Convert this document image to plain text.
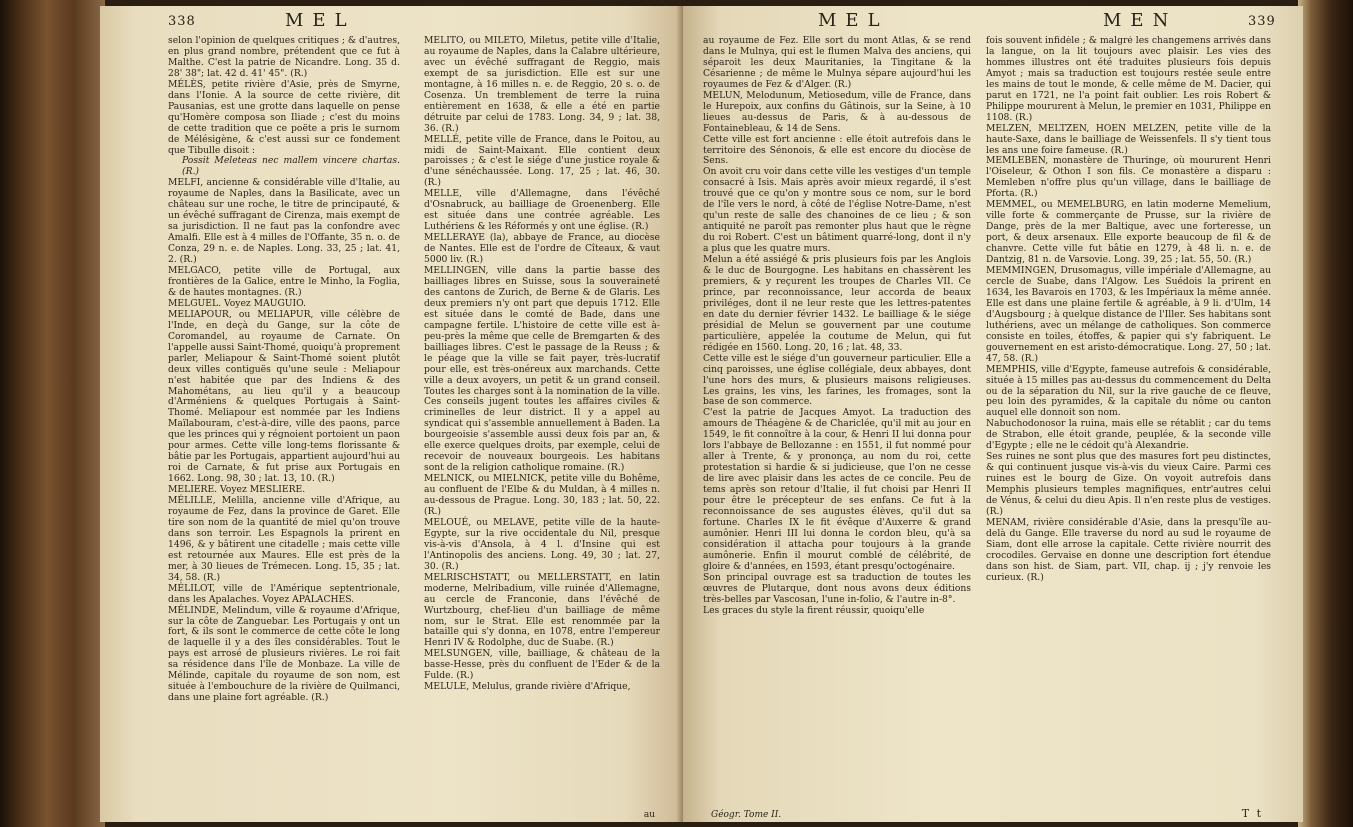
338	MEL

selon l'opinion de quelques critiques ; & d'autres, en plus grand nombre, prétendent que ce fut à Malthe. C'est la patrie de Nicandre. Long. 35 d. 28' 38"; lat. 42 d. 41' 45". (R.)

MÉLÈS, petite rivière d'Asie, près de Smyrne, dans l'Ionie. A la source de cette rivière, dit Pausanias, est une grotte dans laquelle on pense qu'Homère composa son Iliade ; c'est du moins de cette tradition que ce poëte a pris le surnom de Mélésigène, & c'est aussi sur ce fondement que Tibulle disoit :

Possit Meleteas nec mallem vincere chartas. (R.)

MELFI, ancienne & considérable ville d'Italie, au royaume de Naples, dans la Basilicate, avec un château sur une roche, le titre de principauté, & un évêché suffragant de Cirenza, mais exempt de sa jurisdiction. Il ne faut pas la confondre avec Amalfi. Elle est à 4 milles de l'Offante, 35 n. o. de Conza, 29 n. e. de Naples. Long. 33, 25 ; lat. 41, 2. (R.)

MELGACO, petite ville de Portugal, aux frontières de la Galice, entre le Minho, la Foglia, & de hautes montagnes. (R.)

MELGUEL. Voyez MAUGUIO.

MELIAPOUR, ou MELIAPUR, ville célèbre de l'Inde, en deçà du Gange, sur la côte de Coromandel, au royaume de Carnate. On l'appelle aussi Saint-Thomé, quoiqu'à proprement parler, Meliapour & Saint-Thomé soient plutôt deux villes contiguës qu'une seule : Meliapour n'est habitée que par des Indiens & des Mahométans, au lieu qu'il y a beaucoup d'Arméniens & quelques Portugais à Saint-Thomé. Meliapour est nommée par les Indiens Maïlabouram, c'est-à-dire, ville des paons, parce que les princes qui y régnoient portoient un paon pour armes. Cette ville long-tems florissante & bâtie par les Portugais, appartient aujourd'hui au roi de Carnate, & fut prise aux Portugais en 1662. Long. 98, 30 ; lat. 13, 10. (R.)

MELIERE. Voyez MESLIERE.

MÉLILLE, Melilla, ancienne ville d'Afrique, au royaume de Fez, dans la province de Garet. Elle tire son nom de la quantité de miel qu'on trouve dans son terroir. Les Espagnols la prirent en 1496, & y bâtirent une citadelle ; mais cette ville est retournée aux Maures. Elle est près de la mer, à 30 lieues de Trémecen. Long. 15, 35 ; lat. 34, 58. (R.)

MÉLILOT, ville de l'Amérique septentrionale, dans les Apalaches. Voyez APALACHES.

MÉLINDE, Melindum, ville & royaume d'Afrique, sur la côte de Zanguebar. Les Portugais y ont un fort, & ils sont le commerce de cette côte le long de laquelle il y a des îles considérables. Tout le pays est arrosé de plusieurs rivières. Le roi fait sa résidence dans l'île de Monbaze. La ville de Mélinde, capitale du royaume de son nom, est située à l'embouchure de la rivière de Quilmanci, dans une plaine fort agréable. (R.)

MÉLITO, ou MILETO, Miletus, petite ville d'Italie, au royaume de Naples, dans la Calabre ultérieure, avec un évêché suffragant de Reggio, mais exempt de sa jurisdiction. Elle est sur une montagne, à 16 milles n. e. de Reggio, 20 s. o. de Cosenza. Un tremblement de terre la ruina entièrement en 1638, & elle a été en partie détruite par celui de 1783. Long. 34, 9 ; lat. 38, 36. (R.)

MELLÉ, petite ville de France, dans le Poitou, au midi de Saint-Maixant. Elle contient deux paroisses ; & c'est le siége d'une justice royale & d'une sénéchaussée. Long. 17, 25 ; lat. 46, 30. (R.)

MELLE, ville d'Allemagne, dans l'évêché d'Osnabruck, au bailliage de Groenenberg. Elle est située dans une contrée agréable. Les Luthériens & les Réformés y ont une église. (R.)

MELLERAYE (la), abbaye de France, au diocèse de Nantes. Elle est de l'ordre de Cîteaux, & vaut 5000 liv. (R.)

MELLINGEN, ville dans la partie basse des bailliages libres en Suisse, sous la souveraineté des cantons de Zurich, de Berne & de Glaris. Les deux premiers n'y ont part que depuis 1712. Elle est située dans le comté de Bade, dans une campagne fertile. L'histoire de cette ville est à-peu-près la même que celle de Bremgarten & des bailliages libres. C'est le passage de la Reuss ; & le péage que la ville se fait payer, très-lucratif pour elle, est très-onéreux aux marchands. Cette ville a deux avoyers, un petit & un grand conseil. Toutes les charges sont à la nomination de la ville. Ces conseils jugent toutes les affaires civiles & criminelles de leur district. Il y a appel au syndicat qui s'assemble annuellement à Baden. La bourgeoisie s'assemble aussi deux fois par an, & elle exerce quelques droits, par exemple, celui de recevoir de nouveaux bourgeois. Les habitans sont de la religion catholique romaine. (R.)

MELNICK, ou MIELNICK, petite ville du Bohême, au confluent de l'Elbe & du Muldan, à 4 milles n. au-dessous de Prague. Long. 30, 183 ; lat. 50, 22. (R.)

MELOUÉ, ou MELAVE, petite ville de la haute-Egypte, sur la rive occidentale du Nil, presque vis-à-vis d'Ansola, à 4 l. d'Insine qui est l'Antinopolis des anciens. Long. 49, 30 ; lat. 27, 30. (R.)

MELRISCHSTATT, ou MELLERSTATT, en latin moderne, Melribadium, ville ruinée d'Allemagne, au cercle de Franconie, dans l'évêché de Wurtzbourg, chef-lieu d'un bailliage de même nom, sur le Strat. Elle est renommée par la bataille qui s'y donna, en 1078, entre l'empereur Henri IV & Rodolphe, duc de Suabe. (R.)

MELSUNGEN, ville, bailliage, & château de la basse-Hesse, près du confluent de l'Eder & de la Fulde. (R.)

MELULE, Melulus, grande rivière d'Afrique,

au
MEL	MEN	339

au royaume de Fez. Elle sort du mont Atlas, & se rend dans le Mulnya, qui est le flumen Malva des anciens, qui séparoit les deux Mauritanies, la Tingitane & la Césarienne ; de même le Mulnya sépare aujourd'hui les royaumes de Fez & d'Alger. (R.)

MELUN, Melodunum, Metiosedum, ville de France, dans le Hurepoix, aux confins du Gâtinois, sur la Seine, à 10 lieues au-dessus de Paris, & à au-dessous de Fontainebleau, & 14 de Sens.

Cette ville est fort ancienne : elle étoit autrefois dans le territoire des Sénonois, & elle est encore du diocèse de Sens.

On avoit cru voir dans cette ville les vestiges d'un temple consacré à Isis. Mais après avoir mieux regardé, il s'est trouvé que ce qu'on y montre sous ce nom, sur le bord de l'île vers le nord, à côté de l'église Notre-Dame, n'est qu'un reste de salle des chanoines de ce lieu ; & son antiquité ne paroît pas remonter plus haut que le règne du roi Robert. C'est un bâtiment quarré-long, dont il n'y a plus que les quatre murs.

Melun a été assiégé & pris plusieurs fois par les Anglois & le duc de Bourgogne. Les habitans en chassèrent les premiers, & y reçurent les troupes de Charles VII. Ce prince, par reconnoissance, leur accorda de beaux priviléges, dont il ne leur reste que les lettres-patentes en date du dernier février 1432. Le bailliage & le siége présidial de Melun se gouvernent par une coutume particulière, appelée la coutume de Melun, qui fut rédigée en 1560. Long. 20, 16 ; lat. 48, 33.

Cette ville est le siége d'un gouverneur particulier. Elle a cinq paroisses, une église collégiale, deux abbayes, dont l'une hors des murs, & plusieurs maisons religieuses. Les grains, les vins, les farines, les fromages, sont la base de son commerce.

C'est la patrie de Jacques Amyot. La traduction des amours de Théagène & de Chariclée, qu'il mit au jour en 1549, le fit connoître à la cour, & Henri II lui donna pour lors l'abbaye de Bellozanne : en 1551, il fut nommé pour aller à Trente, & y prononça, au nom du roi, cette protestation si hardie & si judicieuse, que l'on ne cesse de lire avec plaisir dans les actes de ce concile. Peu de tems après son retour d'Italie, il fut choisi par Henri II pour être le précepteur de ses enfans. Ce fut à la reconnoissance de ses augustes élèves, qu'il dut sa fortune. Charles IX le fit évêque d'Auxerre & grand aumônier. Henri III lui donna le cordon bleu, qu'à sa considération il attacha pour toujours à la grande aumônerie. Enfin il mourut comblé de célébrité, de gloire & d'années, en 1593, étant presqu'octogénaire.

Son principal ouvrage est sa traduction de toutes les œuvres de Plutarque, dont nous avons deux éditions très-belles par Vascosan, l'une in-folio, & l'autre in-8°.

Les graces du style la firent réussir, quoiqu'elle

Géogr. Tome II.

fois souvent infidèle ; & malgré les changemens arrivés dans la langue, on la lit toujours avec plaisir. Les vies des hommes illustres ont été traduites plusieurs fois depuis Amyot ; mais sa traduction est toujours restée seule entre les mains de tout le monde, & celle même de M. Dacier, qui parut en 1721, ne l'a point fait oublier. Les rois Robert & Philippe moururent à Melun, le premier en 1031, Philippe en 1108. (R.)

MELZEN, MELTZEN, HOEN MELZEN, petite ville de la haute-Saxe, dans le bailliage de Weissenfels. Il s'y tient tous les ans une foire fameuse. (R.)

MEMLEBEN, monastère de Thuringe, où moururent Henri l'Oiseleur, & Othon I son fils. Ce monastère a disparu : Memleben n'offre plus qu'un village, dans le bailliage de Pforta. (R.)

MEMMEL, ou MEMELBURG, en latin moderne Memelium, ville forte & commerçante de Prusse, sur la rivière de Dange, près de la mer Baltique, avec une forteresse, un port, & deux arsenaux. Elle exporte beaucoup de fil & de chanvre. Cette ville fut bâtie en 1279, à 48 li. n. e. de Dantzig, 81 n. de Varsovie. Long. 39, 25 ; lat. 55, 50. (R.)

MEMMINGEN, Drusomagus, ville impériale d'Allemagne, au cercle de Suabe, dans l'Algow. Les Suédois la prirent en 1634, les Bavarois en 1703, & les Impériaux la même année. Elle est dans une plaine fertile & agréable, à 9 li. d'Ulm, 14 d'Augsbourg ; à quelque distance de l'Iller. Ses habitans sont luthériens, avec un mélange de catholiques. Son commerce consiste en toiles, étoffes, & papier qui s'y fabriquent. Le gouvernement en est aristo-démocratique. Long. 27, 50 ; lat. 47, 58. (R.)

MEMPHIS, ville d'Egypte, fameuse autrefois & considérable, située à 15 milles pas au-dessus du commencement du Delta ou de la séparation du Nil, sur la rive gauche de ce fleuve, peu loin des pyramides, & la capitale du nôme ou canton auquel elle donnoit son nom.

Nabuchodonosor la ruina, mais elle se rétablit ; car du tems de Strabon, elle étoit grande, peuplée, & la seconde ville d'Egypte ; elle ne le cédoit qu'à Alexandrie.

Ses ruines ne sont plus que des masures fort peu distinctes, & qui continuent jusque vis-à-vis du vieux Caire. Parmi ces ruines est le bourg de Gize. On voyoit autrefois dans Memphis plusieurs temples magnifiques, entr'autres celui de Vénus, & celui du dieu Apis. Il n'en reste plus de vestiges. (R.)

MENAM, rivière considérable d'Asie, dans la presqu'île au-delà du Gange. Elle traverse du nord au sud le royaume de Siam, dont elle arrose la capitale. Cette rivière nourrit des crocodiles. Gervaise en donne une description fort étendue dans son hist. de Siam, part. VII, chap. ij ; j'y renvoie les curieux. (R.)

T t
